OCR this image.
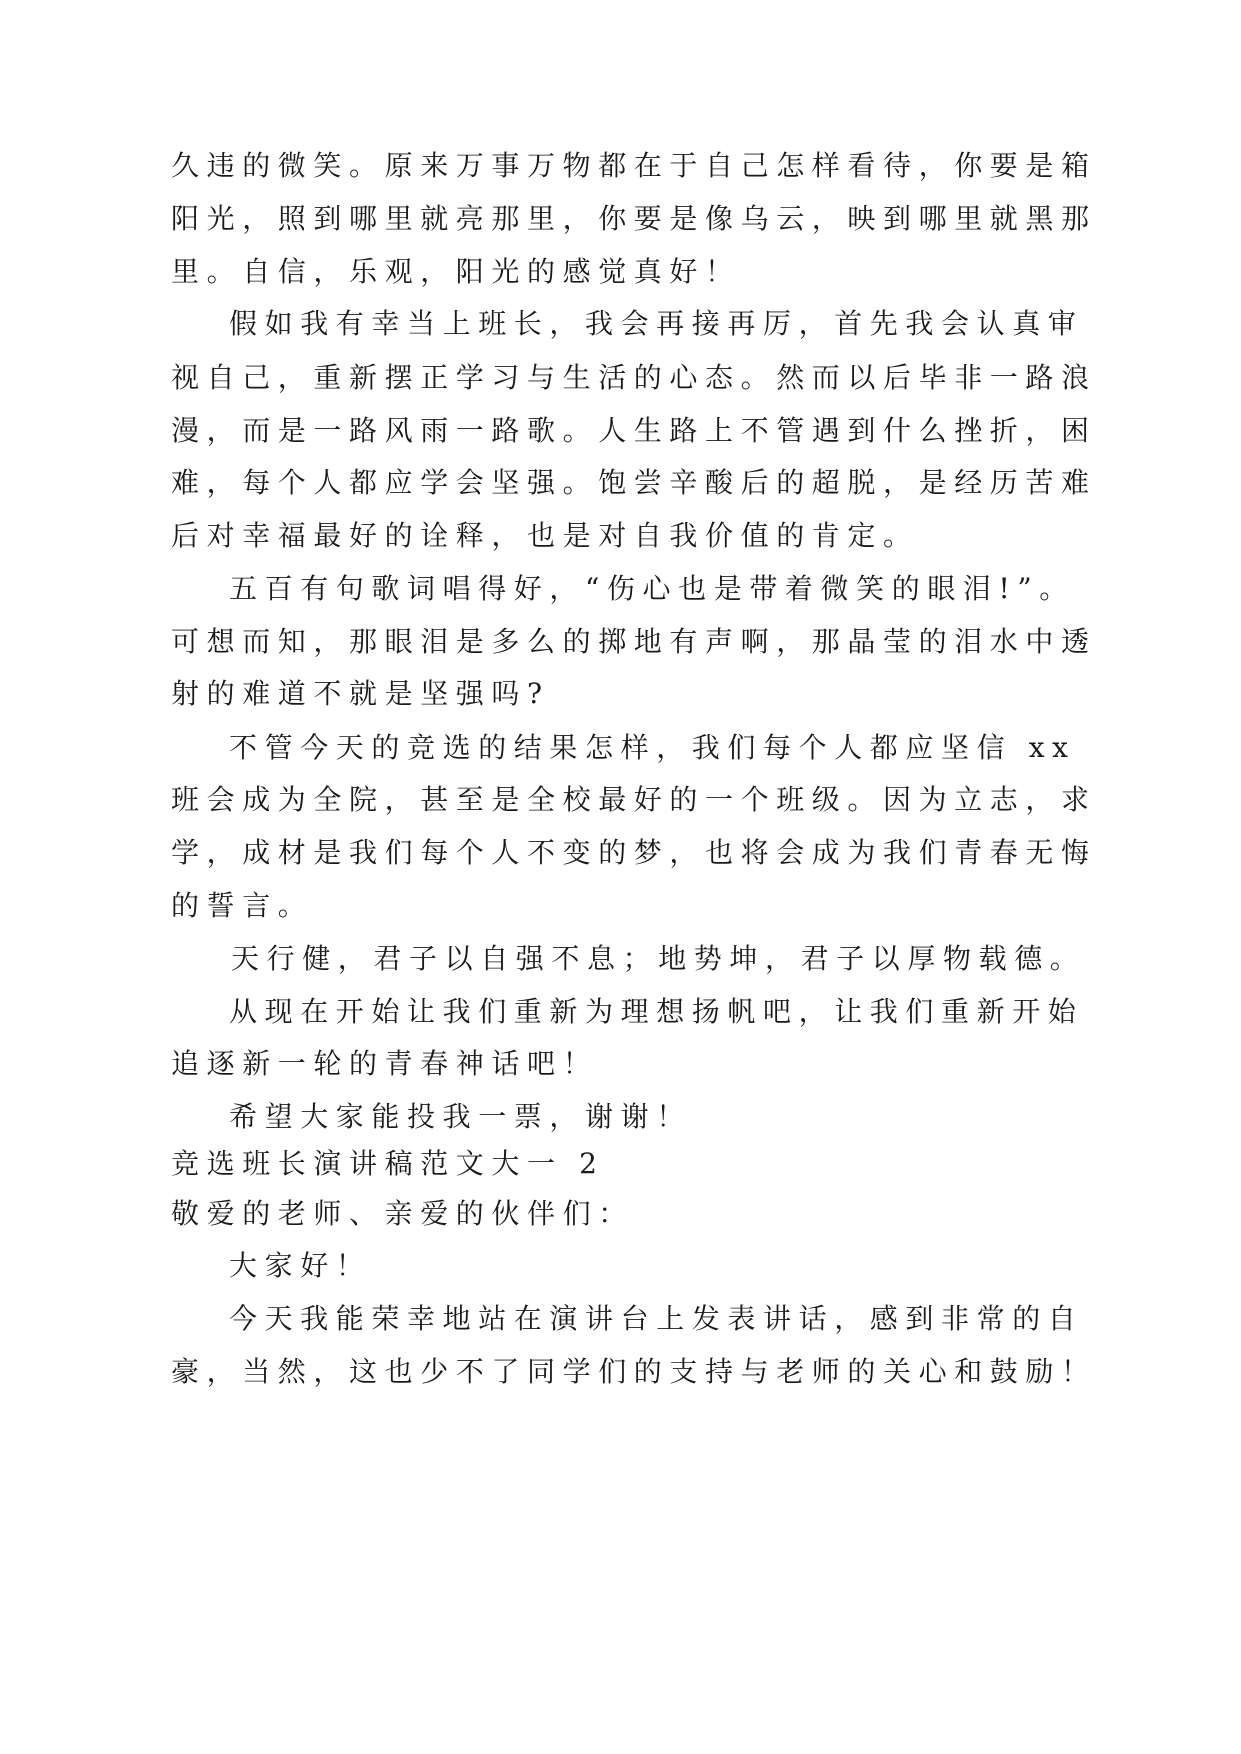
久违的微笑。原来万事万物都在于自己怎样看待，你要是箱
阳光，照到哪里就亮那里，你要是像乌云，映到哪里就黑那
里。自信，乐观，阳光的感觉真好！
假如我有幸当上班长，我会再接再厉，首先我会认真审
视自己，重新摆正学习与生活的心态。然而以后毕非一路浪
漫，而是一路风雨一路歌。人生路上不管遇到什么挫折，困
难，每个人都应学会坚强。饱尝辛酸后的超脱，是经历苦难
后对幸福最好的诠释，也是对自我价值的肯定。
五百有句歌词唱得好，“伤心也是带着微笑的眼泪!”。
可想而知，那眼泪是多么的掷地有声啊，那晶莹的泪水中透
射的难道不就是坚强吗?
不管今天的竞选的结果怎样，我们每个人都应坚信 xx
班会成为全院，甚至是全校最好的一个班级。因为立志，求
学，成材是我们每个人不变的梦，也将会成为我们青春无悔
的誓言。
天行健，君子以自强不息；地势坤，君子以厚物载德。
从现在开始让我们重新为理想扬帆吧，让我们重新开始
追逐新一轮的青春神话吧！
希望大家能投我一票，谢谢！
竞选班长演讲稿范文大一 2
敬爱的老师、亲爱的伙伴们：
大家好！
今天我能荣幸地站在演讲台上发表讲话，感到非常的自
豪，当然，这也少不了同学们的支持与老师的关心和鼓励！
